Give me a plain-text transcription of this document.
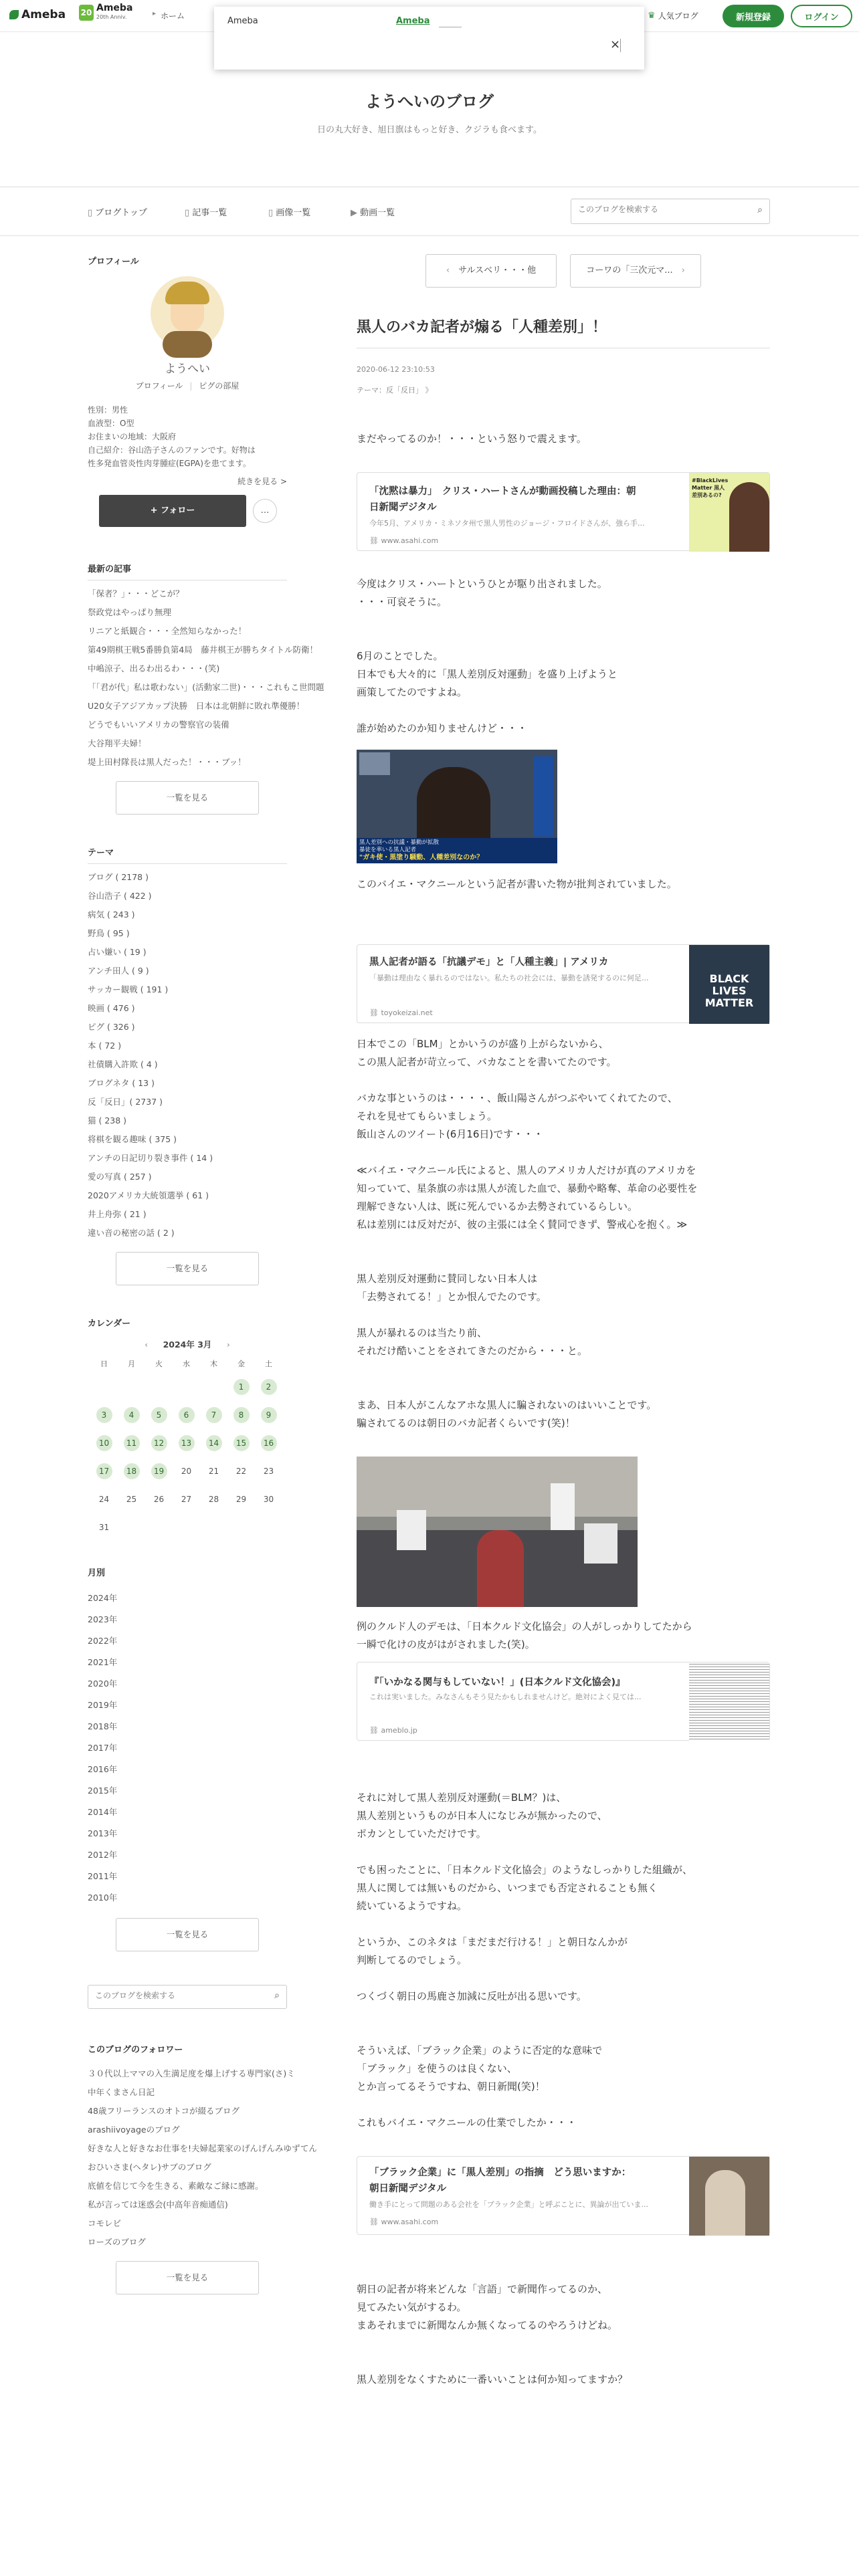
Ameba 20 Ameba
20th Anniv.	▸ ホーム	♛ 人気ブログ	新規登録	ログイン
Ameba	Ameba
×
ようへいのブログ
日の丸大好き、旭日旗はもっと好き、クジラも食べます。
▯ ブログトップ	▯ 記事一覧	▯ 画像一覧	▶ 動画一覧
このブログを検索する	⌕
プロフィール
ようへい
プロフィール | ピグの部屋
性別：男性
血液型：O型
お住まいの地域：大阪府
自己紹介：谷山浩子さんのファンです。好物は
性多発血管炎性肉芽腫症(EGPA)を患てます。
続きを見る >
+ フォロー	…
最新の記事
「保者？」・・・どこが？
祭政党はやっぱり無理
リニアと紙観合・・・全然知らなかった！
第49期棋王戦5番勝負第4局　藤井棋王が勝ちタイトル防衛！
中嶋涼子、出るわ出るわ・・・(笑)
「「君が代」私は歌わない」(活動家二世)・・・これもこ世問題
U20女子アジアカップ決勝　日本は北朝鮮に敗れ準優勝！
どうでもいいアメリカの警察官の装備
大谷翔平夫婦！
堤上田村隊長は黒人だった！・・・ブッ！
一覧を見る
テーマ
ブログ ( 2178 )
谷山浩子 ( 422 )
病気 ( 243 )
野鳥 ( 95 )
占い嫌い ( 19 )
アンチ田人 ( 9 )
サッカー観戦 ( 191 )
映画 ( 476 )
ピグ ( 326 )
本 ( 72 )
社債購入許欺 ( 4 )
ブログネタ ( 13 )
反「反日」( 2737 )
猫 ( 238 )
将棋を観る趣味 ( 375 )
アンチの日記切り裂き事件 ( 14 )
愛の写真 ( 257 )
2020アメリカ大統領選挙 ( 61 )
井上舟弥 ( 21 )
違い音の秘密の話 ( 2 )
一覧を見る
カレンダー
‹ 2024年 3月 ›
日	月	火	水	木	金	土
					1	2
3	4	5	6	7	8	9
10	11	12	13	14	15	16
17	18	19	20	21	22	23
24	25	26	27	28	29	30
31						
月別
2024年
2023年
2022年
2021年
2020年
2019年
2018年
2017年
2016年
2015年
2014年
2013年
2012年
2011年
2010年
一覧を見る
このブログを検索する
⌕
このブログのフォロワー
３０代以上ママの入生満足度を爆上げする専門家(さ)ミ
中年くまさん日記
48歳フリーランスのオトコが綴るブログ
arashiivoyageのブログ
好きな人と好きなお仕事を!夫婦起業家のげんげんみゆずてん
おひいさま(ヘタレ)サブのブログ
底値を信じて今を生きる、素敵なご縁に感謝。
私が言っては迷惑会(中高年音痴通信)
コモレビ
ローズのブログ
一覧を見る
‹　 サルスベリ・・・他	コーワの「三次元マ...　 ›
黒人のバカ記者が煽る「人種差別」！
2020-06-12 23:10:53
テーマ：反「反日」 》

まだやってるのか！・・・という怒りで震えます。

「沈黙は暴力」　クリス・ハートさんが動画投稿した理由：朝日新聞デジタル
今年5月、アメリカ・ミネソタ州で黒人男性のジョージ・フロイドさんが、強ら手...
⛓ www.asahi.com
#BlackLives Matter 黒人差別あるの?

今度はクリス・ハートというひとが駆り出されました。
・・・可哀そうに。

6月のことでした。
日本でも大々的に「黒人差別反対運動」を盛り上げようと
画策してたのですよね。

誰が始めたのか知りませんけど・・・

黒人差別への抗議・暴動が拡散
暴徒を率いる黒人記者
"ガキ使・黒塗り騒動、人種差別なのか？

このバイエ・マクニールという記者が書いた物が批判されていました。

黒人記者が語る「抗議デモ」と「人種主義」| アメリカ
「暴動は理由なく暴れるのではない。私たちの社会には、暴動を誘発するのに何足...
⛓ toyokeizai.net
BLACK LIVES MATTER

日本でこの「BLM」とかいうのが盛り上がらないから、
この黒人記者が苛立って、バカなことを書いてたのです。

バカな事というのは・・・・、飯山陽さんがつぶやいてくれてたので、
それを見せてもらいましょう。
飯山さんのツイート(6月16日)です・・・

≪バイエ・マクニール氏によると、黒人のアメリカ人だけが真のアメリカを
知っていて、星条旗の赤は黒人が流した血で、暴動や略奪、革命の必要性を
理解できない人は、既に死んでいるか去勢されているらしい。
私は差別には反対だが、彼の主張には全く賛同できず、警戒心を抱く。≫

黒人差別反対運動に賛同しない日本人は
「去勢されてる！」とか恨んでたのです。

黒人が暴れるのは当たり前、
それだけ酷いことをされてきたのだから・・・と。

まあ、日本人がこんなアホな黒人に騙されないのはいいことです。
騙されてるのは朝日のバカ記者くらいです(笑)！

例のクルド人のデモは、「日本クルド文化協会」の人がしっかりしてたから
一瞬で化けの皮がはがされました(笑)。

『「いかなる関与もしていない！」(日本クルド文化協会)』
これは実いました。みなさんもそう見たかもしれませんけど。絶対によく見ては...
⛓ ameblo.jp

それに対して黒人差別反対運動(＝BLM？)は、
黒人差別というものが日本人になじみが無かったので、
ポカンとしていただけです。

でも困ったことに、「日本クルド文化協会」のようなしっかりした組織が、
黒人に関しては無いものだから、いつまでも否定されることも無く
続いているようですね。

というか、このネタは「まだまだ行ける！」と朝日なんかが
判断してるのでしょう。

つくづく朝日の馬鹿さ加減に反吐が出る思いです。

そういえば、「ブラック企業」のように否定的な意味で
「ブラック」を使うのは良くない、
とか言ってるそうですね、朝日新聞(笑)！

これもバイエ・マクニールの仕業でしたか・・・

「ブラック企業」に「黒人差別」の指摘　どう思いますか：朝日新聞デジタル
働き手にとって問題のある会社を「ブラック企業」と呼ぶことに、異論が出ていま...
⛓ www.asahi.com

朝日の記者が将来どんな「言語」で新聞作ってるのか、
見てみたい気がするわ。
まあそれまでに新聞なんか無くなってるのやろうけどね。

黒人差別をなくすために一番いいことは何か知ってますか？
